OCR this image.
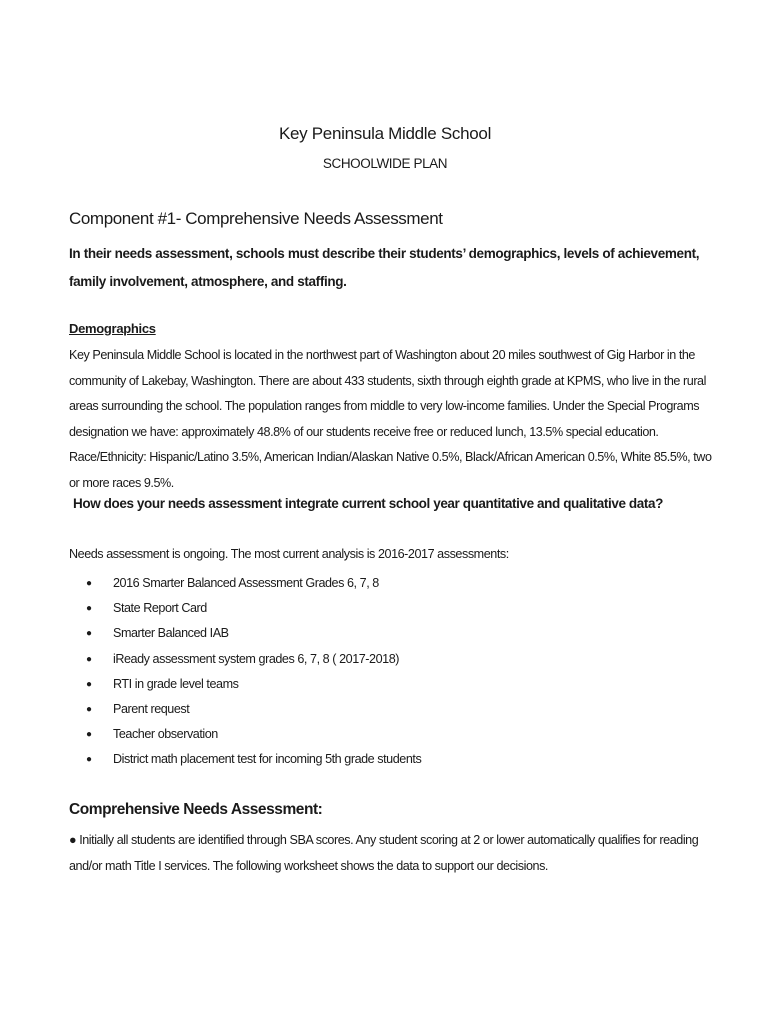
Key Peninsula Middle School
SCHOOLWIDE PLAN
Component #1- Comprehensive Needs Assessment
In their needs assessment, schools must describe their students’ demographics, levels of achievement, family involvement, atmosphere, and staffing.
Demographics
Key Peninsula Middle School is located in the northwest part of Washington about 20 miles southwest of Gig Harbor in the community of Lakebay, Washington. There are about 433 students, sixth through eighth grade at KPMS, who live in the rural areas surrounding the school. The population ranges from middle to very low-income families. Under the Special Programs designation we have: approximately 48.8% of our students receive free or reduced lunch, 13.5% special education. Race/Ethnicity: Hispanic/Latino 3.5%, American Indian/Alaskan Native 0.5%, Black/African American 0.5%, White 85.5%, two or more races 9.5%.
How does your needs assessment integrate current school year quantitative and qualitative data?
Needs assessment is ongoing. The most current analysis is 2016-2017 assessments:
● 2016 Smarter Balanced Assessment Grades 6, 7, 8
● State Report Card
● Smarter Balanced IAB
● iReady assessment system grades 6, 7, 8 ( 2017-2018)
● RTI in grade level teams
● Parent request
● Teacher observation
● District math placement test for incoming 5th grade students
Comprehensive Needs Assessment:
● Initially all students are identified through SBA scores. Any student scoring at 2 or lower automatically qualifies for reading and/or math Title I services. The following worksheet shows the data to support our decisions.
